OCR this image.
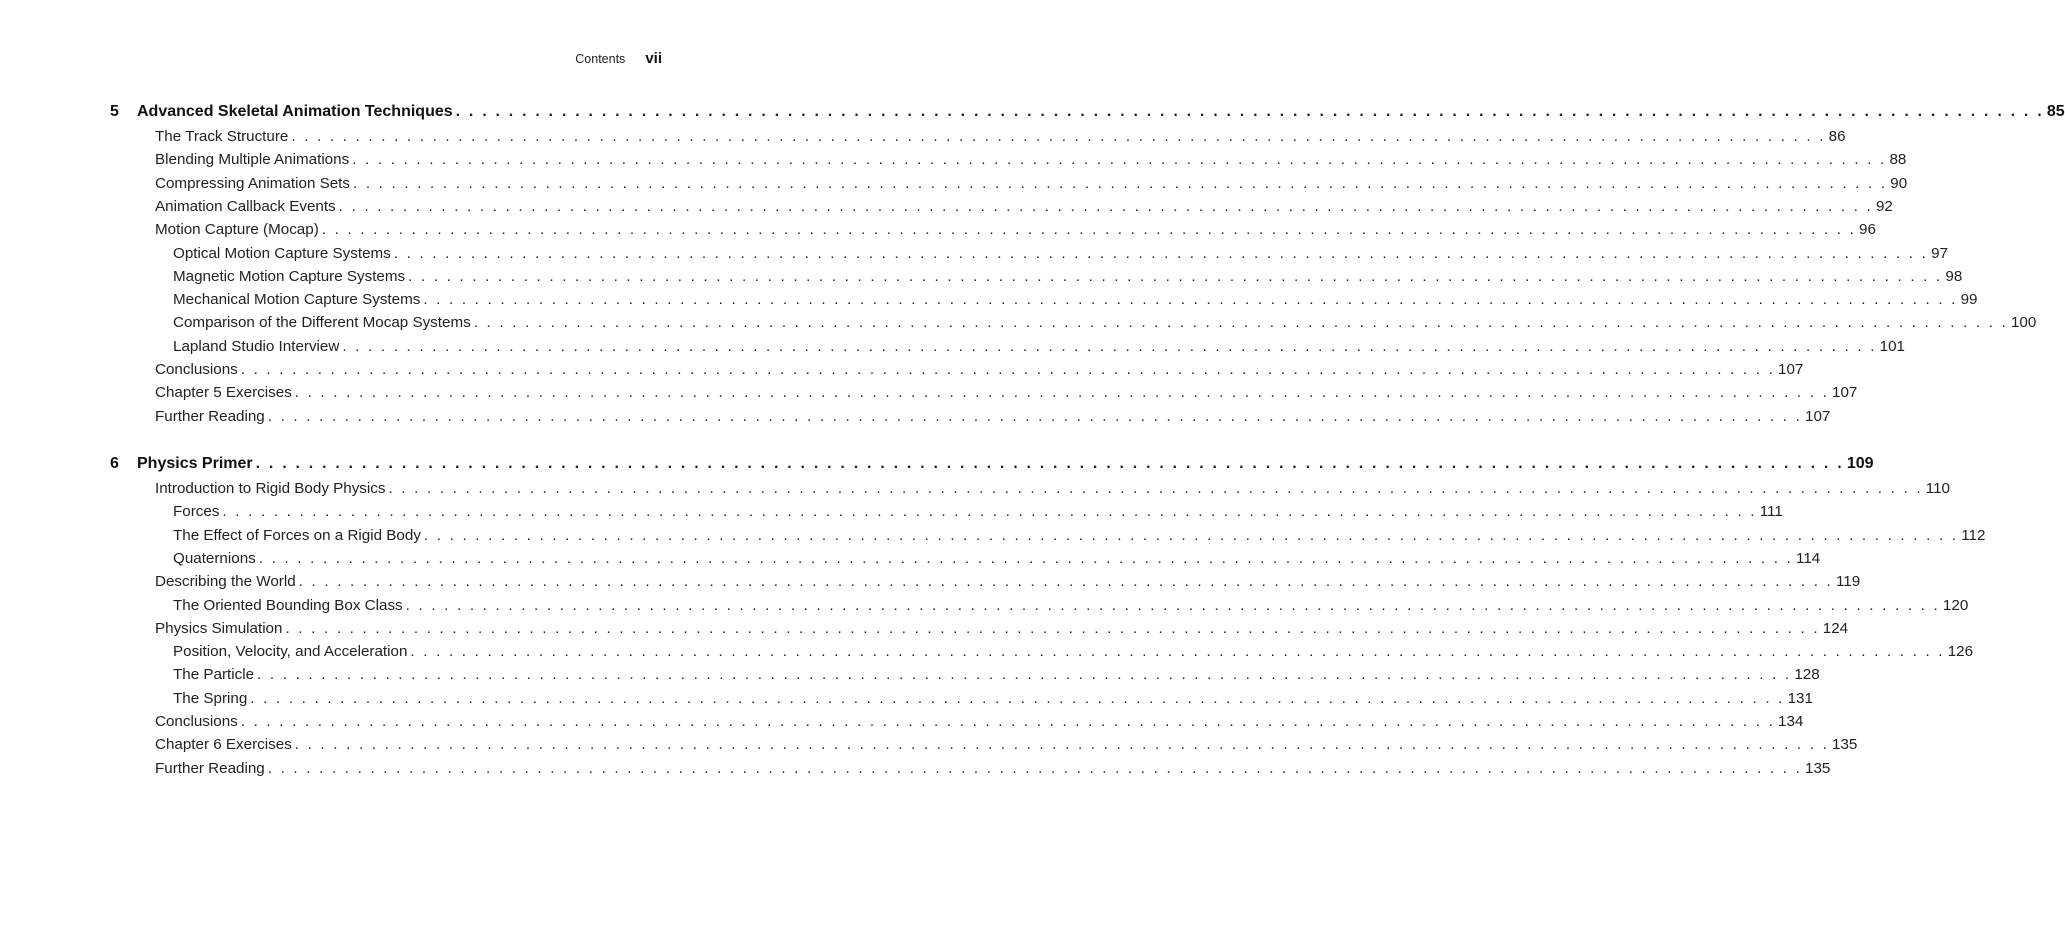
Contents vii
5	Advanced Skeletal Animation Techniques . . . . . . . . . . . . . . . . . . . . . . . . . . . . . . . . . . . . . . . . . . . . . . . . . . . . . . . . . . . . . . . . . . . . . . . . . . . . . . . . . . . . . . . . . . . . . . . . . . . . . . . . . . . . . . . . . . . . . . . . 85
The Track Structure . . . . . . . . . . . . . . . . . . . . . . . . . . . . . . . . . . . . . . . . . . . . . . . . . . . . . . . . . . . . . . . . . . . . . . . . . . . . . . . . . . . . . . . . . . . . . . . . . . . . . . . . . . . . . . . . . . . . . . . . 86
Blending Multiple Animations . . . . . . . . . . . . . . . . . . . . . . . . . . . . . . . . . . . . . . . . . . . . . . . . . . . . . . . . . . . . . . . . . . . . . . . . . . . . . . . . . . . . . . . . . . . . . . . . . . . . . . . . . . . . . . . . . . . . . . . . 88
Compressing Animation Sets . . . . . . . . . . . . . . . . . . . . . . . . . . . . . . . . . . . . . . . . . . . . . . . . . . . . . . . . . . . . . . . . . . . . . . . . . . . . . . . . . . . . . . . . . . . . . . . . . . . . . . . . . . . . . . . . . . . . . . . . 90
Animation Callback Events . . . . . . . . . . . . . . . . . . . . . . . . . . . . . . . . . . . . . . . . . . . . . . . . . . . . . . . . . . . . . . . . . . . . . . . . . . . . . . . . . . . . . . . . . . . . . . . . . . . . . . . . . . . . . . . . . . . . . . . . 92
Motion Capture (Mocap) . . . . . . . . . . . . . . . . . . . . . . . . . . . . . . . . . . . . . . . . . . . . . . . . . . . . . . . . . . . . . . . . . . . . . . . . . . . . . . . . . . . . . . . . . . . . . . . . . . . . . . . . . . . . . . . . . . . . . . . . 96
Optical Motion Capture Systems . . . . . . . . . . . . . . . . . . . . . . . . . . . . . . . . . . . . . . . . . . . . . . . . . . . . . . . . . . . . . . . . . . . . . . . . . . . . . . . . . . . . . . . . . . . . . . . . . . . . . . . . . . . . . . . . . . . . . . . . 97
Magnetic Motion Capture Systems . . . . . . . . . . . . . . . . . . . . . . . . . . . . . . . . . . . . . . . . . . . . . . . . . . . . . . . . . . . . . . . . . . . . . . . . . . . . . . . . . . . . . . . . . . . . . . . . . . . . . . . . . . . . . . . . . . . . . . . . 98
Mechanical Motion Capture Systems . . . . . . . . . . . . . . . . . . . . . . . . . . . . . . . . . . . . . . . . . . . . . . . . . . . . . . . . . . . . . . . . . . . . . . . . . . . . . . . . . . . . . . . . . . . . . . . . . . . . . . . . . . . . . . . . . . . . . . . . 99
Comparison of the Different Mocap Systems . . . . . . . . . . . . . . . . . . . . . . . . . . . . . . . . . . . . . . . . . . . . . . . . . . . . . . . . . . . . . . . . . . . . . . . . . . . . . . . . . . . . . . . . . . . . . . . . . . . . . . . . . . . . . . . . . . . . . . . . 100
Lapland Studio Interview . . . . . . . . . . . . . . . . . . . . . . . . . . . . . . . . . . . . . . . . . . . . . . . . . . . . . . . . . . . . . . . . . . . . . . . . . . . . . . . . . . . . . . . . . . . . . . . . . . . . . . . . . . . . . . . . . . . . . . . . 101
Conclusions . . . . . . . . . . . . . . . . . . . . . . . . . . . . . . . . . . . . . . . . . . . . . . . . . . . . . . . . . . . . . . . . . . . . . . . . . . . . . . . . . . . . . . . . . . . . . . . . . . . . . . . . . . . . . . . . . . . . . . . . 107
Chapter 5 Exercises . . . . . . . . . . . . . . . . . . . . . . . . . . . . . . . . . . . . . . . . . . . . . . . . . . . . . . . . . . . . . . . . . . . . . . . . . . . . . . . . . . . . . . . . . . . . . . . . . . . . . . . . . . . . . . . . . . . . . . . . 107
Further Reading . . . . . . . . . . . . . . . . . . . . . . . . . . . . . . . . . . . . . . . . . . . . . . . . . . . . . . . . . . . . . . . . . . . . . . . . . . . . . . . . . . . . . . . . . . . . . . . . . . . . . . . . . . . . . . . . . . . . . . . . 107
6	Physics Primer . . . . . . . . . . . . . . . . . . . . . . . . . . . . . . . . . . . . . . . . . . . . . . . . . . . . . . . . . . . . . . . . . . . . . . . . . . . . . . . . . . . . . . . . . . . . . . . . . . . . . . . . . . . . . . . . . . . . . . . . 109
Introduction to Rigid Body Physics . . . . . . . . . . . . . . . . . . . . . . . . . . . . . . . . . . . . . . . . . . . . . . . . . . . . . . . . . . . . . . . . . . . . . . . . . . . . . . . . . . . . . . . . . . . . . . . . . . . . . . . . . . . . . . . . . . . . . . . . 110
Forces . . . . . . . . . . . . . . . . . . . . . . . . . . . . . . . . . . . . . . . . . . . . . . . . . . . . . . . . . . . . . . . . . . . . . . . . . . . . . . . . . . . . . . . . . . . . . . . . . . . . . . . . . . . . . . . . . . . . . . . . 111
The Effect of Forces on a Rigid Body . . . . . . . . . . . . . . . . . . . . . . . . . . . . . . . . . . . . . . . . . . . . . . . . . . . . . . . . . . . . . . . . . . . . . . . . . . . . . . . . . . . . . . . . . . . . . . . . . . . . . . . . . . . . . . . . . . . . . . . . 112
Quaternions . . . . . . . . . . . . . . . . . . . . . . . . . . . . . . . . . . . . . . . . . . . . . . . . . . . . . . . . . . . . . . . . . . . . . . . . . . . . . . . . . . . . . . . . . . . . . . . . . . . . . . . . . . . . . . . . . . . . . . . . 114
Describing the World . . . . . . . . . . . . . . . . . . . . . . . . . . . . . . . . . . . . . . . . . . . . . . . . . . . . . . . . . . . . . . . . . . . . . . . . . . . . . . . . . . . . . . . . . . . . . . . . . . . . . . . . . . . . . . . . . . . . . . . . 119
The Oriented Bounding Box Class . . . . . . . . . . . . . . . . . . . . . . . . . . . . . . . . . . . . . . . . . . . . . . . . . . . . . . . . . . . . . . . . . . . . . . . . . . . . . . . . . . . . . . . . . . . . . . . . . . . . . . . . . . . . . . . . . . . . . . . . 120
Physics Simulation . . . . . . . . . . . . . . . . . . . . . . . . . . . . . . . . . . . . . . . . . . . . . . . . . . . . . . . . . . . . . . . . . . . . . . . . . . . . . . . . . . . . . . . . . . . . . . . . . . . . . . . . . . . . . . . . . . . . . . . . 124
Position, Velocity, and Acceleration . . . . . . . . . . . . . . . . . . . . . . . . . . . . . . . . . . . . . . . . . . . . . . . . . . . . . . . . . . . . . . . . . . . . . . . . . . . . . . . . . . . . . . . . . . . . . . . . . . . . . . . . . . . . . . . . . . . . . . . . 126
The Particle . . . . . . . . . . . . . . . . . . . . . . . . . . . . . . . . . . . . . . . . . . . . . . . . . . . . . . . . . . . . . . . . . . . . . . . . . . . . . . . . . . . . . . . . . . . . . . . . . . . . . . . . . . . . . . . . . . . . . . . . 128
The Spring . . . . . . . . . . . . . . . . . . . . . . . . . . . . . . . . . . . . . . . . . . . . . . . . . . . . . . . . . . . . . . . . . . . . . . . . . . . . . . . . . . . . . . . . . . . . . . . . . . . . . . . . . . . . . . . . . . . . . . . . 131
Conclusions . . . . . . . . . . . . . . . . . . . . . . . . . . . . . . . . . . . . . . . . . . . . . . . . . . . . . . . . . . . . . . . . . . . . . . . . . . . . . . . . . . . . . . . . . . . . . . . . . . . . . . . . . . . . . . . . . . . . . . . . 134
Chapter 6 Exercises . . . . . . . . . . . . . . . . . . . . . . . . . . . . . . . . . . . . . . . . . . . . . . . . . . . . . . . . . . . . . . . . . . . . . . . . . . . . . . . . . . . . . . . . . . . . . . . . . . . . . . . . . . . . . . . . . . . . . . . . 135
Further Reading . . . . . . . . . . . . . . . . . . . . . . . . . . . . . . . . . . . . . . . . . . . . . . . . . . . . . . . . . . . . . . . . . . . . . . . . . . . . . . . . . . . . . . . . . . . . . . . . . . . . . . . . . . . . . . . . . . . . . . . . 135
